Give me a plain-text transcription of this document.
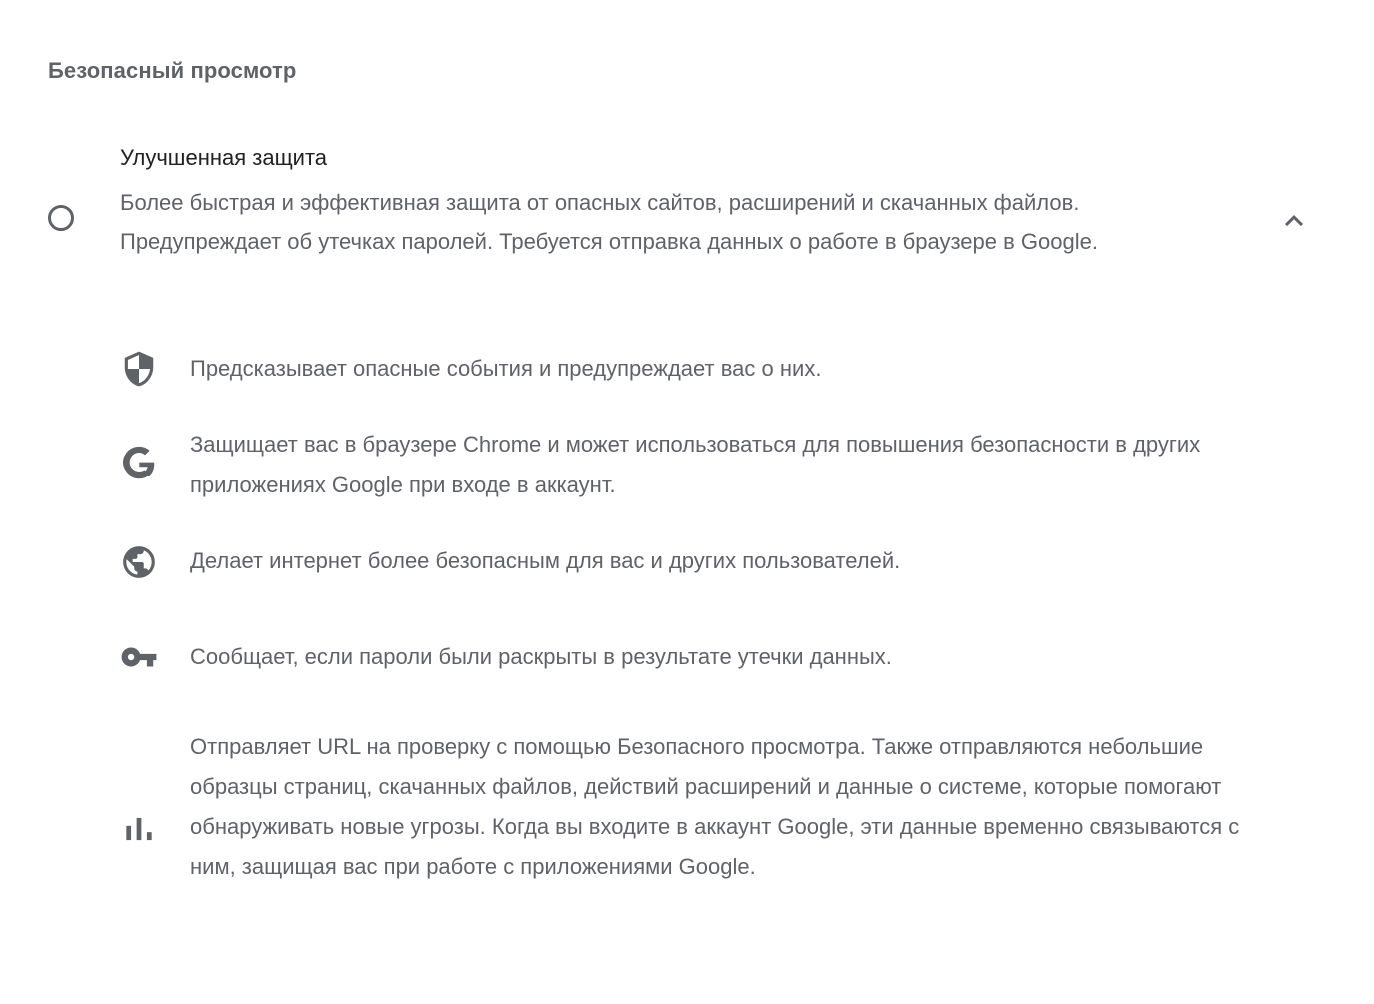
Безопасный просмотр
Улучшенная защита
Более быстрая и эффективная защита от опасных сайтов, расширений и скачанных файлов. Предупреждает об утечках паролей. Требуется отправка данных о работе в браузере в Google.
Предсказывает опасные события и предупреждает вас о них.
Защищает вас в браузере Chrome и может использоваться для повышения безопасности в других приложениях Google при входе в аккаунт.
Делает интернет более безопасным для вас и других пользователей.
Сообщает, если пароли были раскрыты в результате утечки данных.
Отправляет URL на проверку с помощью Безопасного просмотра. Также отправляются небольшие образцы страниц, скачанных файлов, действий расширений и данные о системе, которые помогают обнаруживать новые угрозы. Когда вы входите в аккаунт Google, эти данные временно связываются с ним, защищая вас при работе с приложениями Google.
